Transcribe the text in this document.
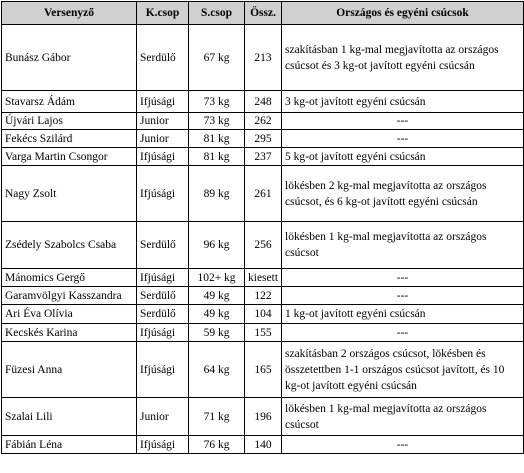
Versenyző	K.csop	S.csop	Össz.	Országos és egyéni csúcsok
Bunász Gábor	Serdülő	67 kg	213	szakításban 1 kg-mal megjavította az országos csúcsot és 3 kg-ot javított egyéni csúcsán
Stavarsz Ádám	Ifjúsági	73 kg	248	3 kg-ot javított egyéni csúcsán
Újvári Lajos	Junior	73 kg	262	---
Fekécs Szilárd	Junior	81 kg	295	---
Varga Martin Csongor	Ifjúsági	81 kg	237	5 kg-ot javított egyéni csúcsán
Nagy Zsolt	Ifjúsági	89 kg	261	lökésben 2 kg-mal megjavította az országos csúcsot, és 6 kg-ot javított egyéni csúcsán
Zsédely Szabolcs Csaba	Serdülő	96 kg	256	lökésben 1 kg-mal megjavította az országos csúcsot
Mánomics Gergő	Ifjúsági	102+ kg	kiesett	---
Garamvölgyi Kasszandra	Serdülő	49 kg	122	---
Ari Éva Olívia	Serdülő	49 kg	104	1 kg-ot javított egyéni csúcsán
Kecskés Karina	Ifjúsági	59 kg	155	---
Füzesi Anna	Ifjúsági	64 kg	165	szakításban 2 országos csúcsot, lökésben és összetettben 1-1 országos csúcsot javított, és 10 kg-ot javított egyéni csúcsán
Szalai Lili	Junior	71 kg	196	lökésben 1 kg-mal megjavította az országos csúcsot
Fábián Léna	Ifjúsági	76 kg	140	---
